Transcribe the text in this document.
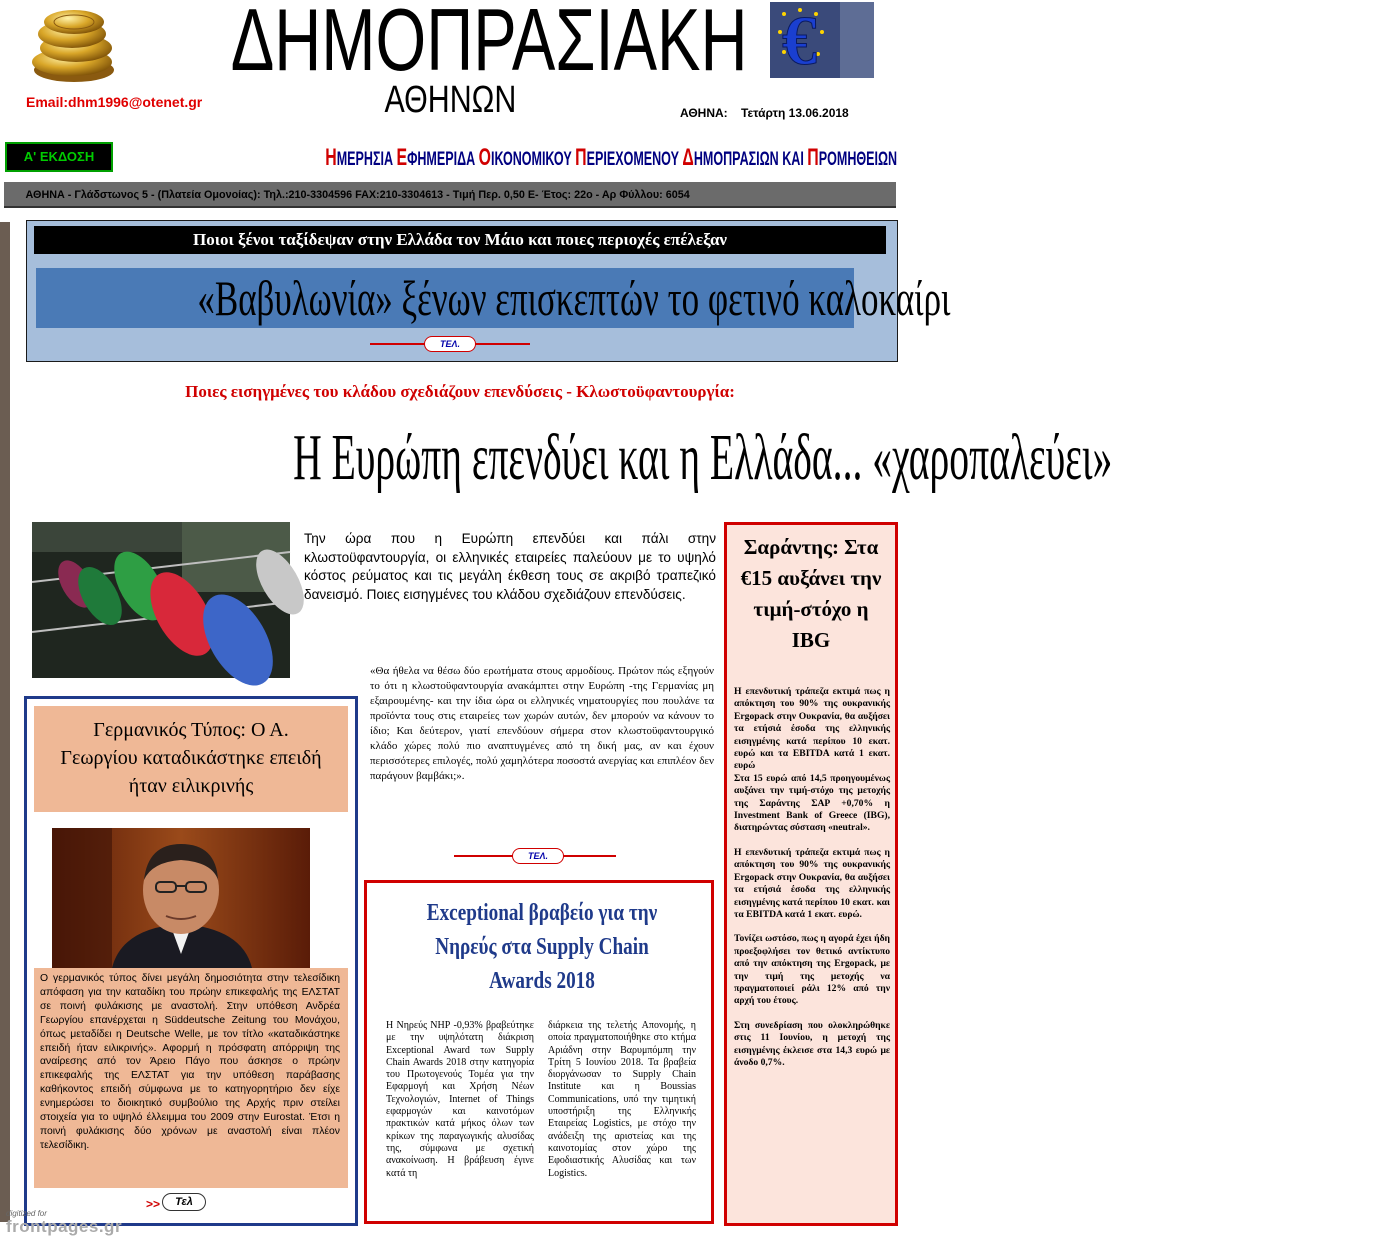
ΔΗΜΟΠΡΑΣΙΑΚΗ
ΑΘΗΝΩΝ
€
Email:dhm1996@otenet.gr
ΑΘΗΝΑ: Τετάρτη 13.06.2018
Α' ΕΚΔΟΣΗ	ΗΜΕΡΗΣΙΑ ΕΦΗΜΕΡΙΔΑ ΟΙΚΟΝΟΜΙΚΟΥ ΠΕΡΙΕΧΟΜΕΝΟΥ ΔΗΜΟΠΡΑΣΙΩΝ ΚΑΙ ΠΡΟΜΗΘΕΙΩΝ
ΑΘΗΝΑ - Γλάδστωνος 5 - (Πλατεία Ομονοίας): Τηλ.:210-3304596 FAX:210-3304613 - Τιμή Περ. 0,50 Ε- Έτος: 22ο - Αρ Φύλλου: 6054
Ποιοι ξένοι ταξίδεψαν στην Ελλάδα τον Μάιο και ποιες περιοχές επέλεξαν
«Βαβυλωνία» ξένων επισκεπτών το φετινό καλοκαίρι
ΤΕΛ.
Ποιες εισηγμένες του κλάδου σχεδιάζουν επενδύσεις - Κλωστοϋφαντουργία:
Η Ευρώπη επενδύει και η Ελλάδα... «χαροπαλεύει»
Την ώρα που η Ευρώπη επενδύει και πάλι στην κλωστοϋφαντουργία, οι ελληνικές εταιρείες παλεύουν με το υψηλό κόστος ρεύματος και τις μεγάλη έκθεση τους σε ακριβό τραπεζικό δανεισμό. Ποιες εισηγμένες του κλάδου σχεδιάζουν επενδύσεις.
«Θα ήθελα να θέσω δύο ερωτήματα στους αρμοδίους. Πρώτον πώς εξηγούν το ότι η κλωστοϋφαντουργία ανακάμπτει στην Ευρώπη -της Γερμανίας μη εξαιρουμένης- και την ίδια ώρα οι ελληνικές νηματουργίες που πουλάνε τα προϊόντα τους στις εταιρείες των χωρών αυτών, δεν μπορούν να κάνουν το ίδιο; Και δεύτερον, γιατί επενδύουν σήμερα στον κλωστοϋφαντουργικό κλάδο χώρες πολύ πιο αναπτυγμένες από τη δική μας, αν και έχουν περισσότερες επιλογές, πολύ χαμηλότερα ποσοστά ανεργίας και επιπλέον δεν παράγουν βαμβάκι;».
ΤΕΛ.
Γερμανικός Τύπος: Ο Α. Γεωργίου καταδικάστηκε επειδή ήταν ειλικρινής
Ο γερμανικός τύπος δίνει μεγάλη δημοσιότητα στην τελεσίδικη απόφαση για την καταδίκη του πρώην επικεφαλής της ΕΛΣΤΑΤ σε ποινή φυλάκισης με αναστολή. Στην υπόθεση Ανδρέα Γεωργίου επανέρχεται η Süddeutsche Zeitung του Μονάχου, όπως μεταδίδει η Deutsche Welle, με τον τίτλο «καταδικάστηκε επειδή ήταν ειλικρινής». Αφορμή η πρόσφατη απόρριψη της αναίρεσης από τον Άρειο Πάγο που άσκησε ο πρώην επικεφαλής της ΕΛΣΤΑΤ για την υπόθεση παράβασης καθήκοντος επειδή σύμφωνα με το κατηγορητήριο δεν είχε ενημερώσει το διοικητικό συμβούλιο της Αρχής πριν στείλει στοιχεία για το υψηλό έλλειμμα του 2009 στην Eurostat. Έτσι η ποινή φυλάκισης δύο χρόνων με αναστολή είναι πλέον τελεσίδικη.
>>	Τελ
Exceptional βραβείο για την Νηρεύς στα Supply Chain Awards 2018
Η Νηρεύς ΝΗΡ -0,93% βραβεύτηκε με την υψηλότατη διάκριση Exceptional Award των Supply Chain Awards 2018 στην κατηγορία του Πρωτογενούς Τομέα για την Εφαρμογή και Χρήση Νέων Τεχνολογιών, Internet of Things εφαρμογών και καινοτόμων πρακτικών κατά μήκος όλων των κρίκων της παραγωγικής αλυσίδας της, σύμφωνα με σχετική ανακοίνωση. Η βράβευση έγινε κατά τη
διάρκεια της τελετής Απονομής, η οποία πραγματοποιήθηκε στο κτήμα Αριάδνη στην Βαρυμπόμπη την Τρίτη 5 Ιουνίου 2018. Τα βραβεία διοργάνωσαν το Supply Chain Institute και η Boussias Communications, υπό την τιμητική υποστήριξη της Ελληνικής Εταιρείας Logistics, με στόχο την ανάδειξη της αριστείας και της καινοτομίας στον χώρο της Εφοδιαστικής Αλυσίδας και των Logistics.
Σαράντης: Στα €15 αυξάνει την τιμή-στόχο η IBG
Η επενδυτική τράπεζα εκτιμά πως η απόκτηση του 90% της ουκρανικής Ergopack στην Ουκρανία, θα αυξήσει τα ετήσιά έσοδα της ελληνικής εισηγμένης κατά περίπου 10 εκατ. ευρώ και τα EBITDA κατά 1 εκατ. ευρώ
Στα 15 ευρώ από 14,5 προηγουμένως αυξάνει την τιμή-στόχο της μετοχής της Σαράντης ΣΑΡ +0,70% η Investment Bank of Greece (IBG), διατηρώντας σύσταση «neutral».
Η επενδυτική τράπεζα εκτιμά πως η απόκτηση του 90% της ουκρανικής Ergopack στην Ουκρανία, θα αυξήσει τα ετήσιά έσοδα της ελληνικής εισηγμένης κατά περίπου 10 εκατ. και τα EBITDA κατά 1 εκατ. ευρώ.
Τονίζει ωστόσο, πως η αγορά έχει ήδη προεξοφλήσει τον θετικό αντίκτυπο από την απόκτηση της Ergopack, με την τιμή της μετοχής να πραγματοποιεί ράλι 12% από την αρχή του έτους.
Στη συνεδρίαση που ολοκληρώθηκε στις 11 Ιουνίου, η μετοχή της εισηγμένης έκλεισε στα 14,3 ευρώ με άνοδο 0,7%.
digitized for
frontpages.gr
